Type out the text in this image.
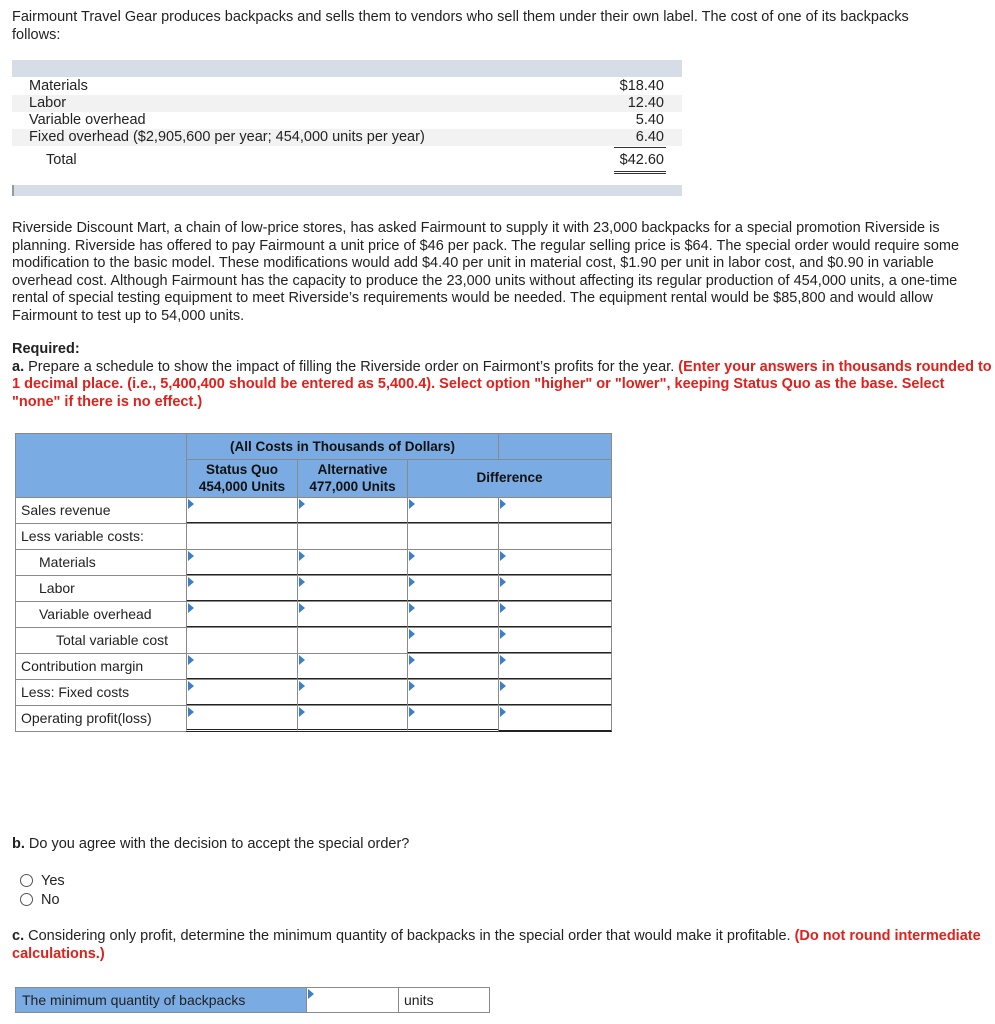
Fairmount Travel Gear produces backpacks and sells them to vendors who sell them under their own label. The cost of one of its backpacks follows:
Materials	$18.40
Labor	12.40
Variable overhead	5.40
Fixed overhead ($2,905,600 per year; 454,000 units per year)	6.40
Total	$42.60
Riverside Discount Mart, a chain of low-price stores, has asked Fairmount to supply it with 23,000 backpacks for a special promotion Riverside is planning. Riverside has offered to pay Fairmount a unit price of $46 per pack. The regular selling price is $64. The special order would require some modification to the basic model. These modifications would add $4.40 per unit in material cost, $1.90 per unit in labor cost, and $0.90 in variable overhead cost. Although Fairmount has the capacity to produce the 23,000 units without affecting its regular production of 454,000 units, a one-time rental of special testing equipment to meet Riverside’s requirements would be needed. The equipment rental would be $85,800 and would allow Fairmount to test up to 54,000 units.
Required:
a. Prepare a schedule to show the impact of filling the Riverside order on Fairmont’s profits for the year. (Enter your answers in thousands rounded to 1 decimal place. (i.e., 5,400,400 should be entered as 5,400.4). Select option "higher" or "lower", keeping Status Quo as the base. Select "none" if there is no effect.)
(All Costs in Thousands of Dollars)
Status Quo
454,000 Units
Alternative
477,000 Units
Difference
Sales revenue
Less variable costs:
Materials
Labor
Variable overhead
Total variable cost
Contribution margin
Less: Fixed costs
Operating profit(loss)
b. Do you agree with the decision to accept the special order?
Yes
No
c. Considering only profit, determine the minimum quantity of backpacks in the special order that would make it profitable. (Do not round intermediate calculations.)
The minimum quantity of backpacks	units
